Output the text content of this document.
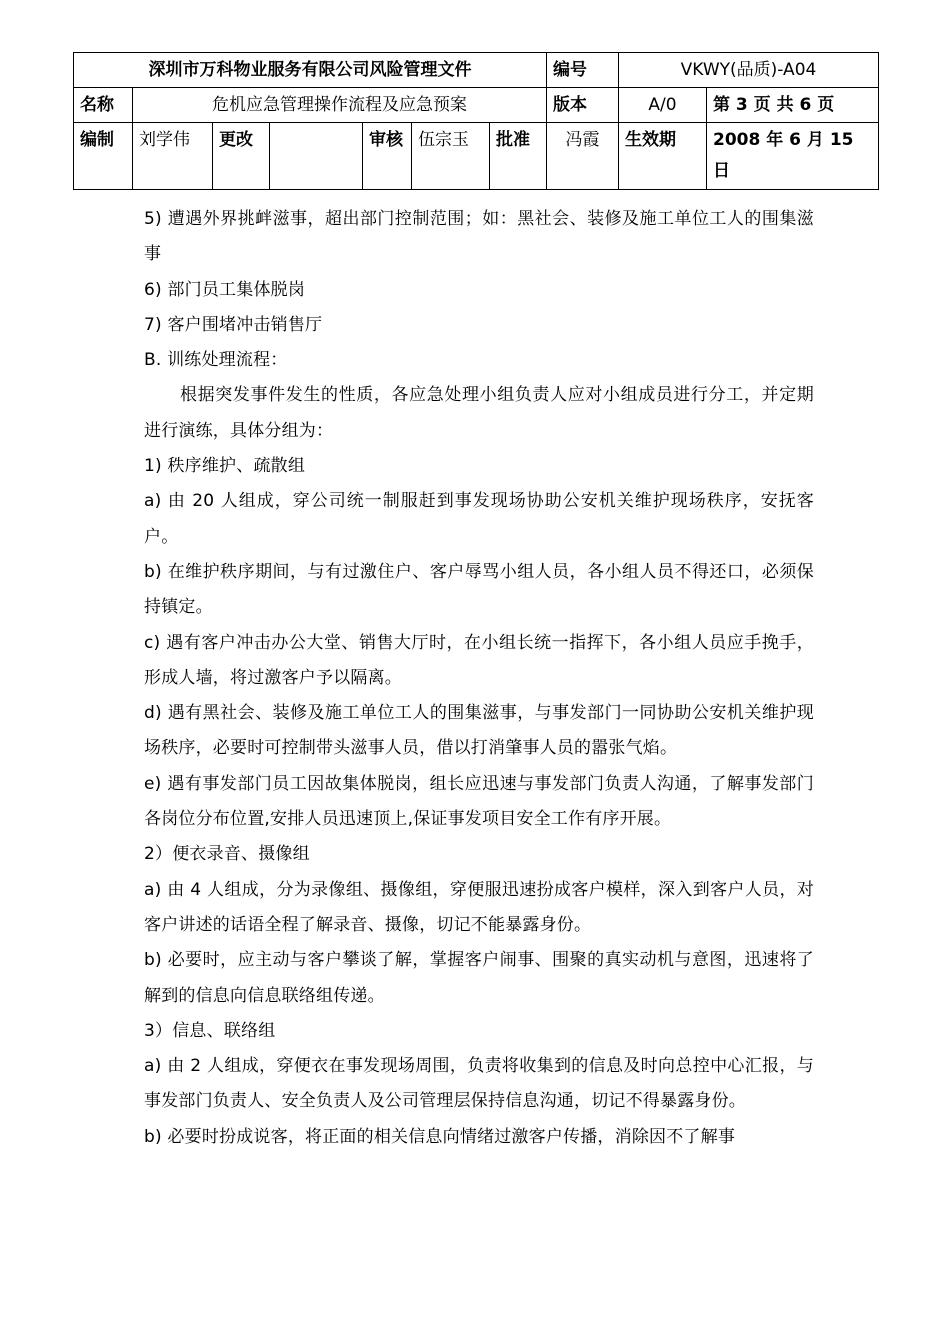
深圳市万科物业服务有限公司风险管理文件							编号	VKWY(品质)-A04	
名称	危机应急管理操作流程及应急预案						版本	A/0	第 3 页 共 6 页
编制	刘学伟	更改		审核	伍宗玉	批准	冯霞	生效期	2008 年 6 月 15 日

5) 遭遇外界挑衅滋事，超出部门控制范围；如：黑社会、装修及施工单位工人的围集滋事

6) 部门员工集体脱岗

7) 客户围堵冲击销售厅

B. 训练处理流程：

根据突发事件发生的性质，各应急处理小组负责人应对小组成员进行分工，并定期进行演练，具体分组为：

1) 秩序维护、疏散组

a) 由 20 人组成，穿公司统一制服赶到事发现场协助公安机关维护现场秩序，安抚客户。

b) 在维护秩序期间，与有过激住户、客户辱骂小组人员，各小组人员不得还口，必须保持镇定。

c) 遇有客户冲击办公大堂、销售大厅时，在小组长统一指挥下，各小组人员应手挽手，形成人墙，将过激客户予以隔离。

d) 遇有黑社会、装修及施工单位工人的围集滋事，与事发部门一同协助公安机关维护现场秩序，必要时可控制带头滋事人员，借以打消肇事人员的嚣张气焰。

e) 遇有事发部门员工因故集体脱岗，组长应迅速与事发部门负责人沟通，了解事发部门各岗位分布位置,安排人员迅速顶上,保证事发项目安全工作有序开展。

2）便衣录音、摄像组

a) 由 4 人组成，分为录像组、摄像组，穿便服迅速扮成客户模样，深入到客户人员，对客户讲述的话语全程了解录音、摄像，切记不能暴露身份。

b) 必要时，应主动与客户攀谈了解，掌握客户闹事、围聚的真实动机与意图，迅速将了解到的信息向信息联络组传递。

3）信息、联络组

a) 由 2 人组成，穿便衣在事发现场周围，负责将收集到的信息及时向总控中心汇报，与事发部门负责人、安全负责人及公司管理层保持信息沟通，切记不得暴露身份。

b) 必要时扮成说客，将正面的相关信息向情绪过激客户传播，消除因不了解事
